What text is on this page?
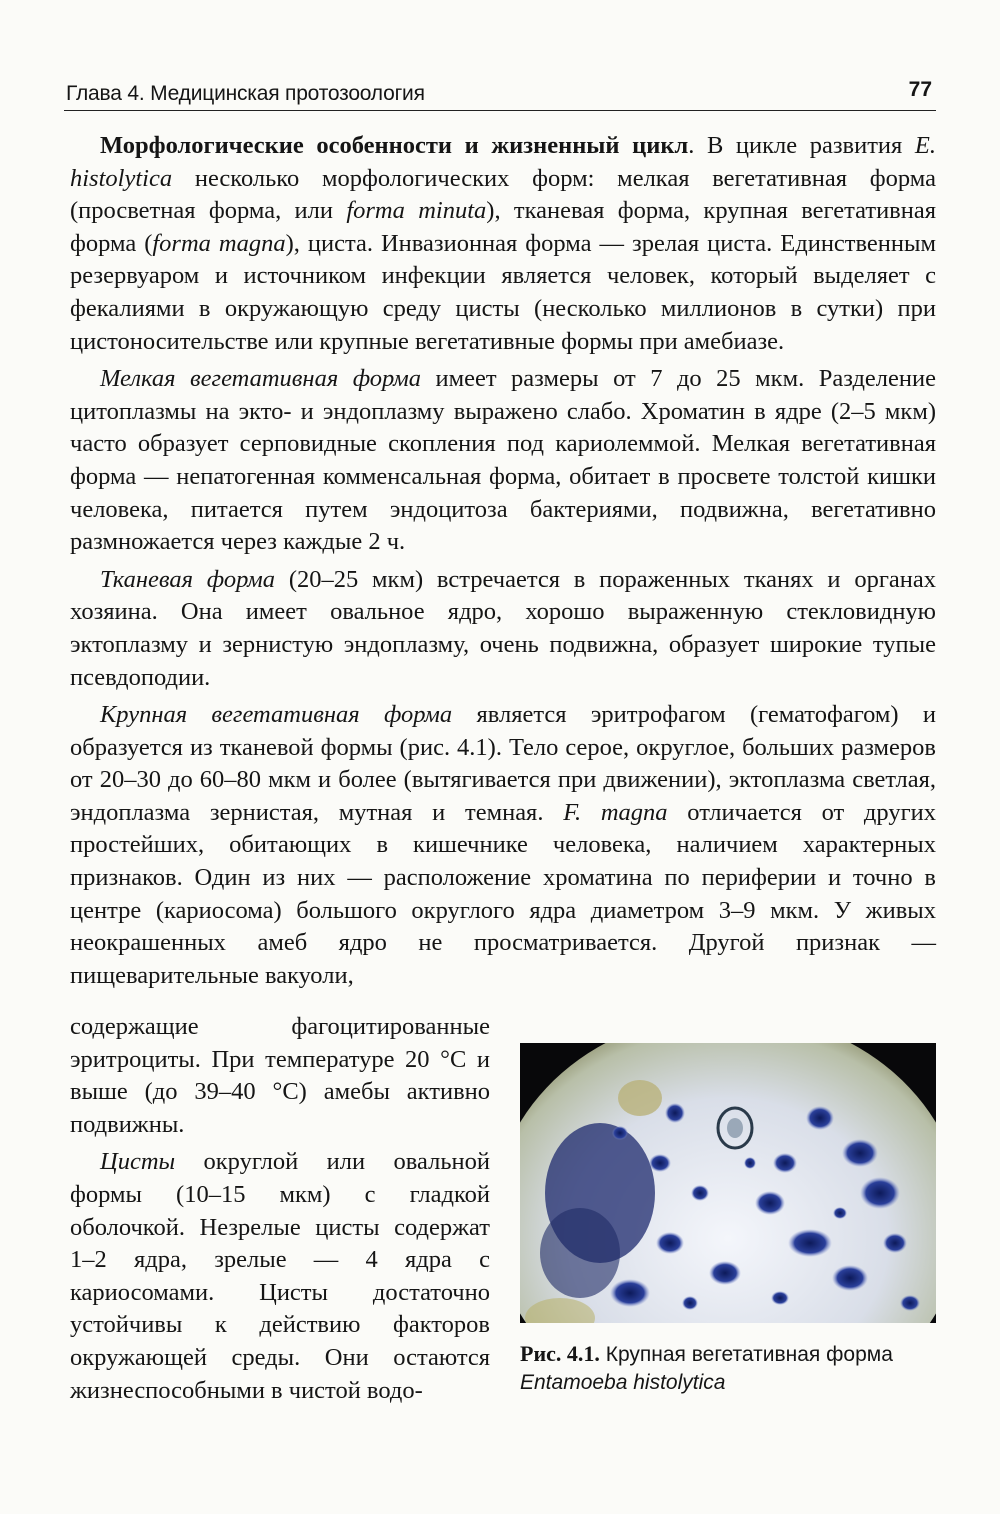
Глава 4. Медицинская протозоология	77

Морфологические особенности и жизненный цикл. В цикле развития E. histolytica несколько морфологических форм: мелкая вегетативная форма (просветная форма, или forma minuta), тканевая форма, крупная вегетативная форма (forma magna), циста. Инвазионная форма — зрелая циста. Единственным резервуаром и источником инфекции является человек, который выделяет с фекалиями в окружающую среду цисты (несколько миллионов в сутки) при цистоносительстве или крупные вегетативные формы при амебиазе.

Мелкая вегетативная форма имеет размеры от 7 до 25 мкм. Разделение цитоплазмы на экто- и эндоплазму выражено слабо. Хроматин в ядре (2–5 мкм) часто образует серповидные скопления под кариолеммой. Мелкая вегетативная форма — непатогенная комменсальная форма, обитает в просвете толстой кишки человека, питается путем эндоцитоза бактериями, подвижна, вегетативно размножается через каждые 2 ч.

Тканевая форма (20–25 мкм) встречается в пораженных тканях и органах хозяина. Она имеет овальное ядро, хорошо выраженную стекловидную эктоплазму и зернистую эндоплазму, очень подвижна, образует широкие тупые псевдоподии.

Крупная вегетативная форма является эритрофагом (гематофагом) и образуется из тканевой формы (рис. 4.1). Тело серое, округлое, больших размеров от 20–30 до 60–80 мкм и более (вытягивается при движении), эктоплазма светлая, эндоплазма зернистая, мутная и темная. F. magna отличается от других простейших, обитающих в кишечнике человека, наличием характерных признаков. Один из них — расположение хроматина по периферии и точно в центре (кариосома) большого округлого ядра диаметром 3–9 мкм. У живых неокрашенных амеб ядро не просматривается. Другой признак — пищеварительные вакуоли,

содержащие фагоцитированные эритроциты. При температуре 20 °С и выше (до 39–40 °С) амебы активно подвижны.

Цисты округлой или овальной формы (10–15 мкм) с гладкой оболочкой. Незрелые цисты содержат 1–2 ядра, зрелые — 4 ядра с кариосомами. Цисты достаточно устойчивы к действию факторов окружающей среды. Они остаются жизнеспособными в чистой водо-

Рис. 4.1. Крупная вегетативная форма
Entamoeba histolytica
